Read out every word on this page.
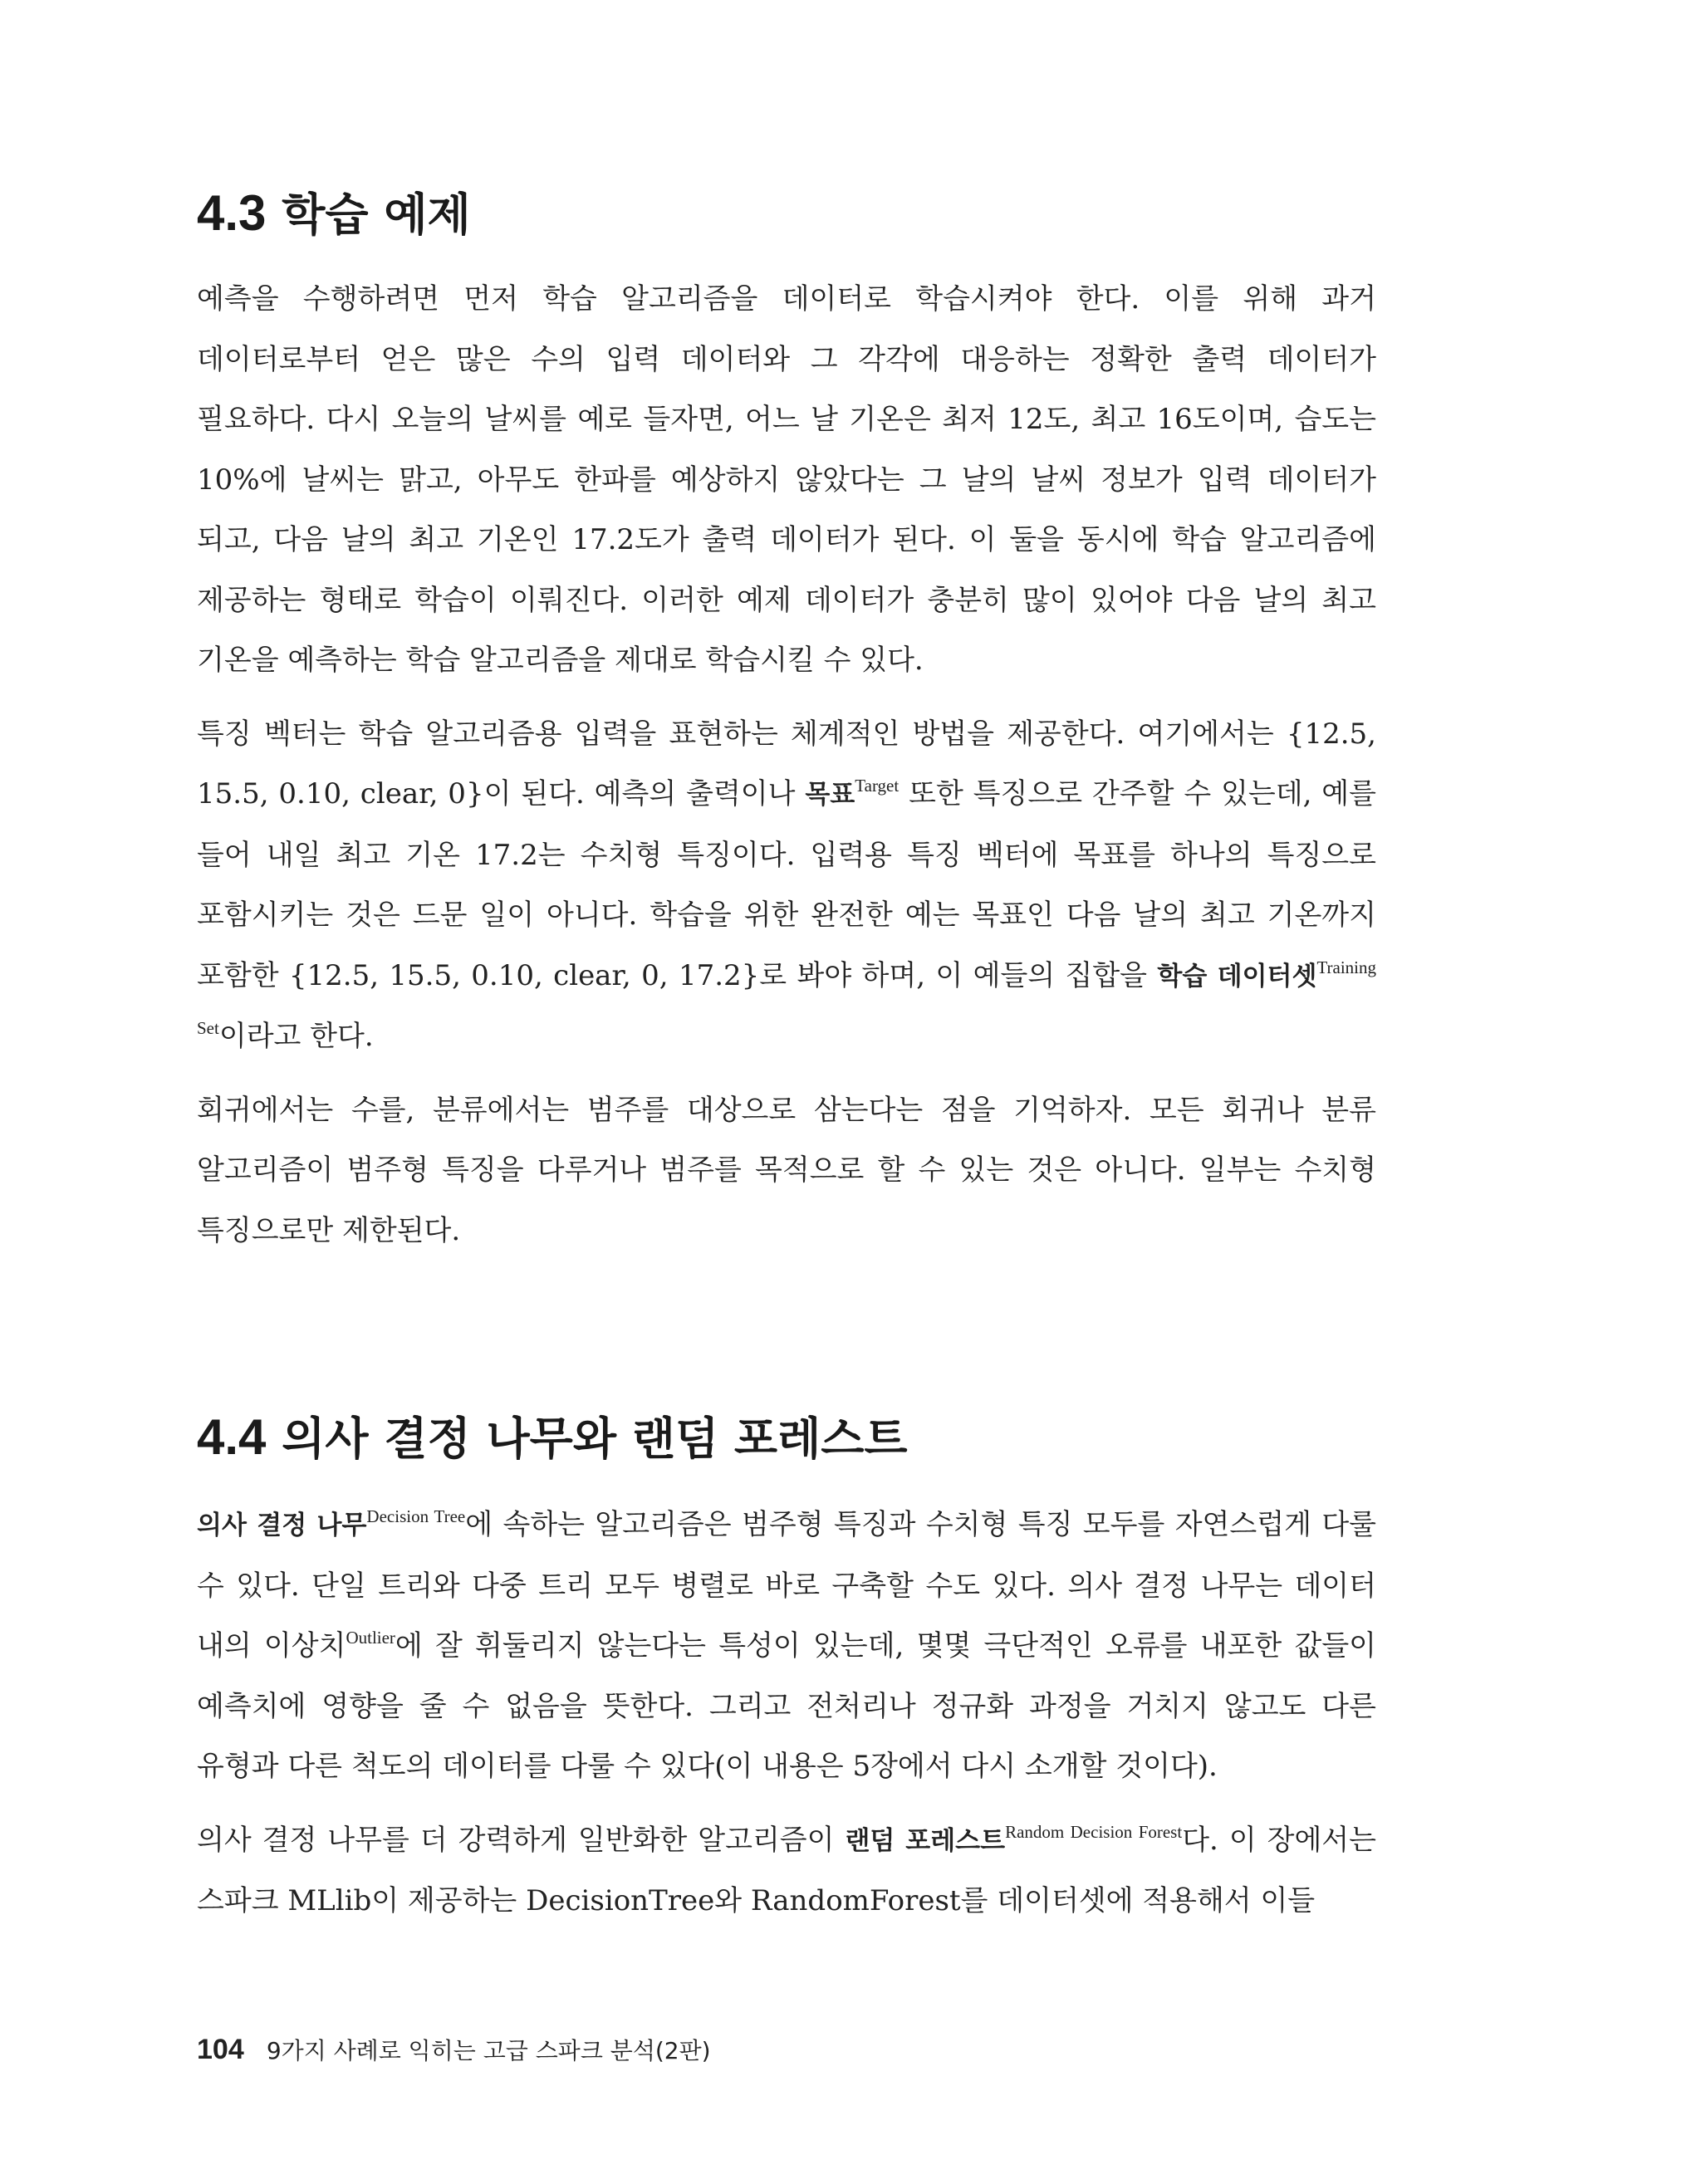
4.3 학습 예제

예측을 수행하려면 먼저 학습 알고리즘을 데이터로 학습시켜야 한다. 이를 위해 과거 데이터로부터 얻은 많은 수의 입력 데이터와 그 각각에 대응하는 정확한 출력 데이터가 필요하다. 다시 오늘의 날씨를 예로 들자면, 어느 날 기온은 최저 12도, 최고 16도이며, 습도는 10%에 날씨는 맑고, 아무도 한파를 예상하지 않았다는 그 날의 날씨 정보가 입력 데이터가 되고, 다음 날의 최고 기온인 17.2도가 출력 데이터가 된다. 이 둘을 동시에 학습 알고리즘에 제공하는 형태로 학습이 이뤄진다. 이러한 예제 데이터가 충분히 많이 있어야 다음 날의 최고 기온을 예측하는 학습 알고리즘을 제대로 학습시킬 수 있다.

특징 벡터는 학습 알고리즘용 입력을 표현하는 체계적인 방법을 제공한다. 여기에서는 {12.5, 15.5, 0.10, clear, 0}이 된다. 예측의 출력이나 목표$^{Target}$ 또한 특징으로 간주할 수 있는데, 예를 들어 내일 최고 기온 17.2는 수치형 특징이다. 입력용 특징 벡터에 목표를 하나의 특징으로 포함시키는 것은 드문 일이 아니다. 학습을 위한 완전한 예는 목표인 다음 날의 최고 기온까지 포함한 {12.5, 15.5, 0.10, clear, 0, 17.2}로 봐야 하며, 이 예들의 집합을 학습 데이터셋$^{Training Set}$이라고 한다.

회귀에서는 수를, 분류에서는 범주를 대상으로 삼는다는 점을 기억하자. 모든 회귀나 분류 알고리즘이 범주형 특징을 다루거나 범주를 목적으로 할 수 있는 것은 아니다. 일부는 수치형 특징으로만 제한된다.

4.4 의사 결정 나무와 랜덤 포레스트

의사 결정 나무$^{Decision Tree}$에 속하는 알고리즘은 범주형 특징과 수치형 특징 모두를 자연스럽게 다룰 수 있다. 단일 트리와 다중 트리 모두 병렬로 바로 구축할 수도 있다. 의사 결정 나무는 데이터 내의 이상치$^{Outlier}$에 잘 휘둘리지 않는다는 특성이 있는데, 몇몇 극단적인 오류를 내포한 값들이 예측치에 영향을 줄 수 없음을 뜻한다. 그리고 전처리나 정규화 과정을 거치지 않고도 다른 유형과 다른 척도의 데이터를 다룰 수 있다(이 내용은 5장에서 다시 소개할 것이다).

의사 결정 나무를 더 강력하게 일반화한 알고리즘이 랜덤 포레스트$^{Random Decision Forest}$다. 이 장에서는 스파크 MLlib이 제공하는 DecisionTree와 RandomForest를 데이터셋에 적용해서 이들

104 9가지 사례로 익히는 고급 스파크 분석(2판)
